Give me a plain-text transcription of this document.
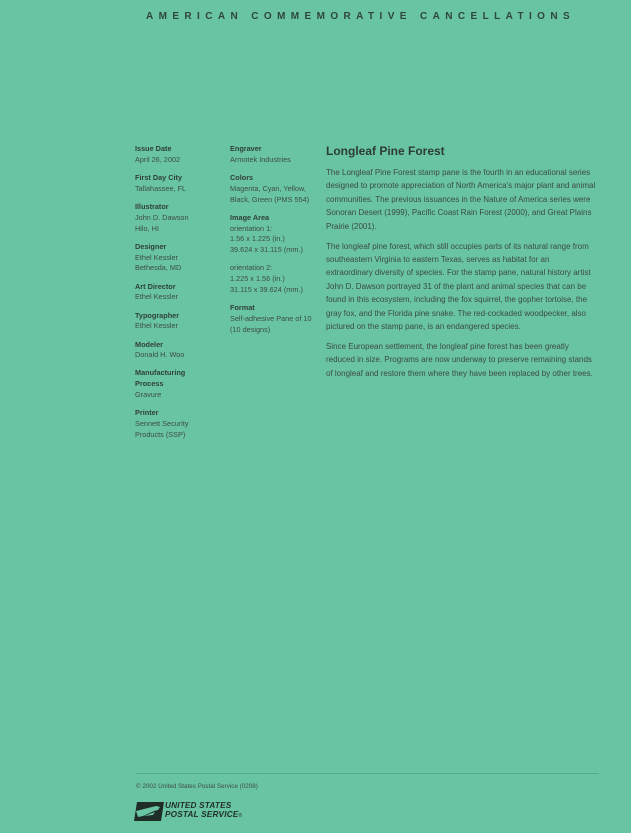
AMERICAN COMMEMORATIVE CANCELLATIONS
Issue Date
April 26, 2002
First Day City
Tallahassee, FL
Illustrator
John D. Dawson
Hilo, HI
Designer
Ethel Kessler
Bethesda, MD
Art Director
Ethel Kessler
Typographer
Ethel Kessler
Modeler
Donald H. Woo
Manufacturing Process
Gravure
Printer
Sennett Security
Products (SSP)
Engraver
Armotek Industries
Colors
Magenta, Cyan, Yellow,
Black, Green (PMS 554)
Image Area
orientation 1:
1.56 x 1.225 (in.)
39.624 x 31.115 (mm.)
orientation 2:
1.225 x 1.56 (in.)
31.115 x 39.624 (mm.)
Format
Self-adhesive Pane of 10
(10 designs)
Longleaf Pine Forest

The Longleaf Pine Forest stamp pane is the fourth in an educational series designed to promote appreciation of North America's major plant and animal communities. The previous issuances in the Nature of America series were Sonoran Desert (1999), Pacific Coast Rain Forest (2000), and Great Plains Prairie (2001).

The longleaf pine forest, which still occupies parts of its natural range from southeastern Virginia to eastern Texas, serves as habitat for an extraordinary diversity of species. For the stamp pane, natural history artist John D. Dawson portrayed 31 of the plant and animal species that can be found in this ecosystem, including the fox squirrel, the gopher tortoise, the gray fox, and the Florida pine snake. The red-cockaded woodpecker, also pictured on the stamp pane, is an endangered species.

Since European settlement, the longleaf pine forest has been greatly reduced in size. Programs are now underway to preserve remaining stands of longleaf and restore them where they have been replaced by other trees.

© 2002 United States Postal Service (0208)
UNITED STATES
POSTAL SERVICE®
